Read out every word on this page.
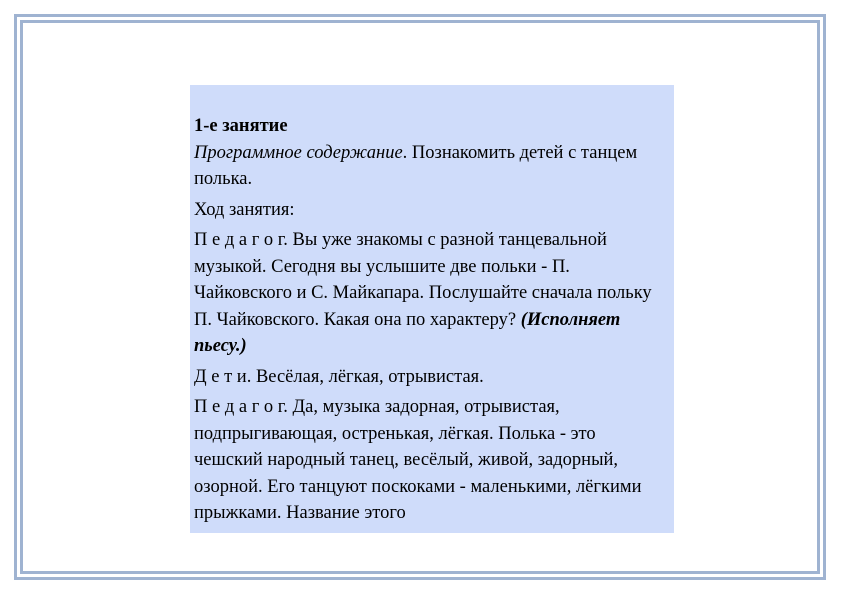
1-е занятие

Программное содержание. Познакомить детей с танцем полька.

Ход занятия:

П е д а г о г. Вы уже знакомы с разной танцевальной музыкой. Сегодня вы услышите две польки - П. Чайковского и С. Майкапара. Послушайте сначала польку П. Чайковского. Какая она по характеру? (Исполняет пьесу.)

Д е т и. Весёлая, лёгкая, отрывистая.

П е д а г о г. Да, музыка задорная, отрывистая, подпрыгивающая, остренькая, лёгкая. Полька - это чешский народный танец, весёлый, живой, задорный, озорной. Его танцуют поскоками - маленькими, лёгкими прыжками. Название этого
